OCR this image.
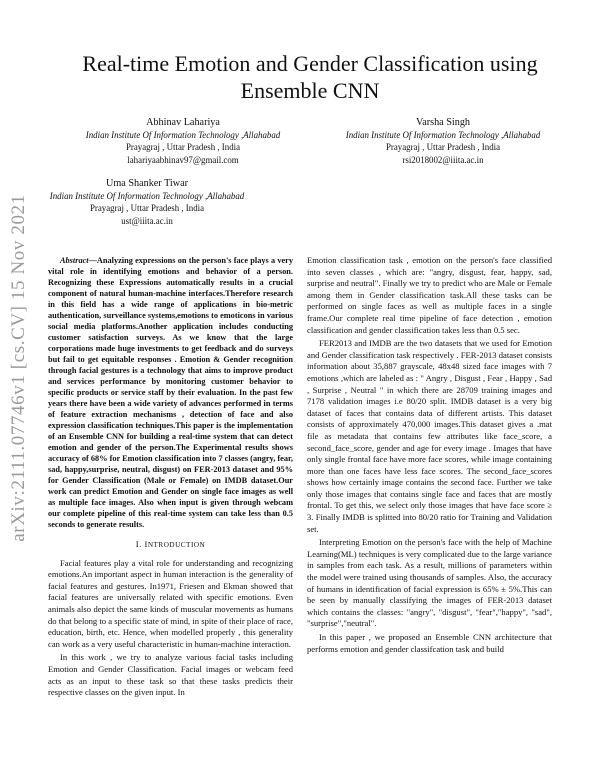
arXiv:2111.07746v1 [cs.CV] 15 Nov 2021
Real-time Emotion and Gender Classification using Ensemble CNN
Abhinav Lahariya
Indian Institute Of Information Technology ,Allahabad
Prayagraj , Uttar Pradesh , India
lahariyaabhinav97@gmail.com
Varsha Singh
Indian Institute Of Information Technology ,Allahabad
Prayagraj , Uttar Pradesh , India
rsi2018002@iiita.ac.in
Uma Shanker Tiwar
Indian Institute Of Information Technology ,Allahabad
Prayagraj , Uttar Pradesh , India
ust@iiita.ac.in

Abstract—Analyzing expressions on the person's face plays a very vital role in identifying emotions and behavior of a person. Recognizing these Expressions automatically results in a crucial component of natural human-machine interfaces.Therefore research in this field has a wide range of applications in bio-metric authentication, surveillance systems,emotions to emoticons in various social media platforms.Another application includes conducting customer satisfaction surveys. As we know that the large corporations made huge investments to get feedback and do surveys but fail to get equitable responses . Emotion & Gender recognition through facial gestures is a technology that aims to improve product and services performance by monitoring customer behavior to specific products or service staff by their evaluation. In the past few years there have been a wide variety of advances performed in terms of feature extraction mechanisms , detection of face and also expression classification techniques.This paper is the implementation of an Ensemble CNN for building a real-time system that can detect emotion and gender of the person.The Experimental results shows accuracy of 68% for Emotion classification into 7 classes (angry, fear, sad, happy,surprise, neutral, disgust) on FER-2013 dataset and 95% for Gender Classification (Male or Female) on IMDB dataset.Our work can predict Emotion and Gender on single face images as well as multiple face images. Also when input is given through webcam our complete pipeline of this real-time system can take less than 0.5 seconds to generate results.

I. INTRODUCTION

Facial features play a vital role for understanding and recognizing emotions.An important aspect in human interaction is the generality of facial features and gestures. In1971, Friesen and Ekman showed that facial features are universally related with specific emotions. Even animals also depict the same kinds of muscular movements as humans do that belong to a specific state of mind, in spite of their place of race, education, birth, etc. Hence, when modelled properly , this generality can work as a very useful characteristic in human-machine interaction.

In this work , we try to analyze various facial tasks including Emotion and Gender Classification. Facial images or webcam feed acts as an input to these task so that these tasks predicts their respective classes on the given input. In

Emotion classification task , emotion on the person's face classified into seven classes , which are: "angry, disgust, fear, happy, sad, surprise and neutral". Finally we try to predict who are Male or Female among them in Gender classification task.All these tasks can be performed on single faces as well as multiple faces in a single frame.Our complete real time pipeline of face detection , emotion classification and gender classification takes less than 0.5 sec.

FER2013 and IMDB are the two datasets that we used for Emotion and Gender classification task respectively . FER-2013 dataset consists information about 35,887 grayscale, 48x48 sized face images with 7 emotions ,which are labeled as : " Angry , Disgust , Fear , Happy , Sad , Surprise , Neutral " in which there are 28709 training images and 7178 validation images i.e 80/20 split. IMDB dataset is a very big dataset of faces that contains data of different artists. This dataset consists of approximately 470,000 images.This dataset gives a .mat file as metadata that contains few attributes like face_score, a second_face_score, gender and age for every image . Images that have only single frontal face have more face scores, while image containing more than one faces have less face scores. The second_face_scores shows how certainly image contains the second face. Further we take only those images that contains single face and faces that are mostly frontal. To get this, we select only those images that have face score ≥ 3. Finally IMDB is splitted into 80/20 ratio for Training and Validation set.

Interpreting Emotion on the person's face with the help of Machine Learning(ML) techniques is very complicated due to the large variance in samples from each task. As a result, millions of parameters within the model were trained using thousands of samples. Also, the accuracy of humans in identification of facial expression is 65% ± 5%.This can be seen by manually classifying the images of FER-2013 dataset which contains the classes: "angry", "disgust", "fear","happy", "sad", "surprise","neutral".

In this paper , we proposed an Ensemble CNN architecture that performs emotion and gender classifcation task and build
